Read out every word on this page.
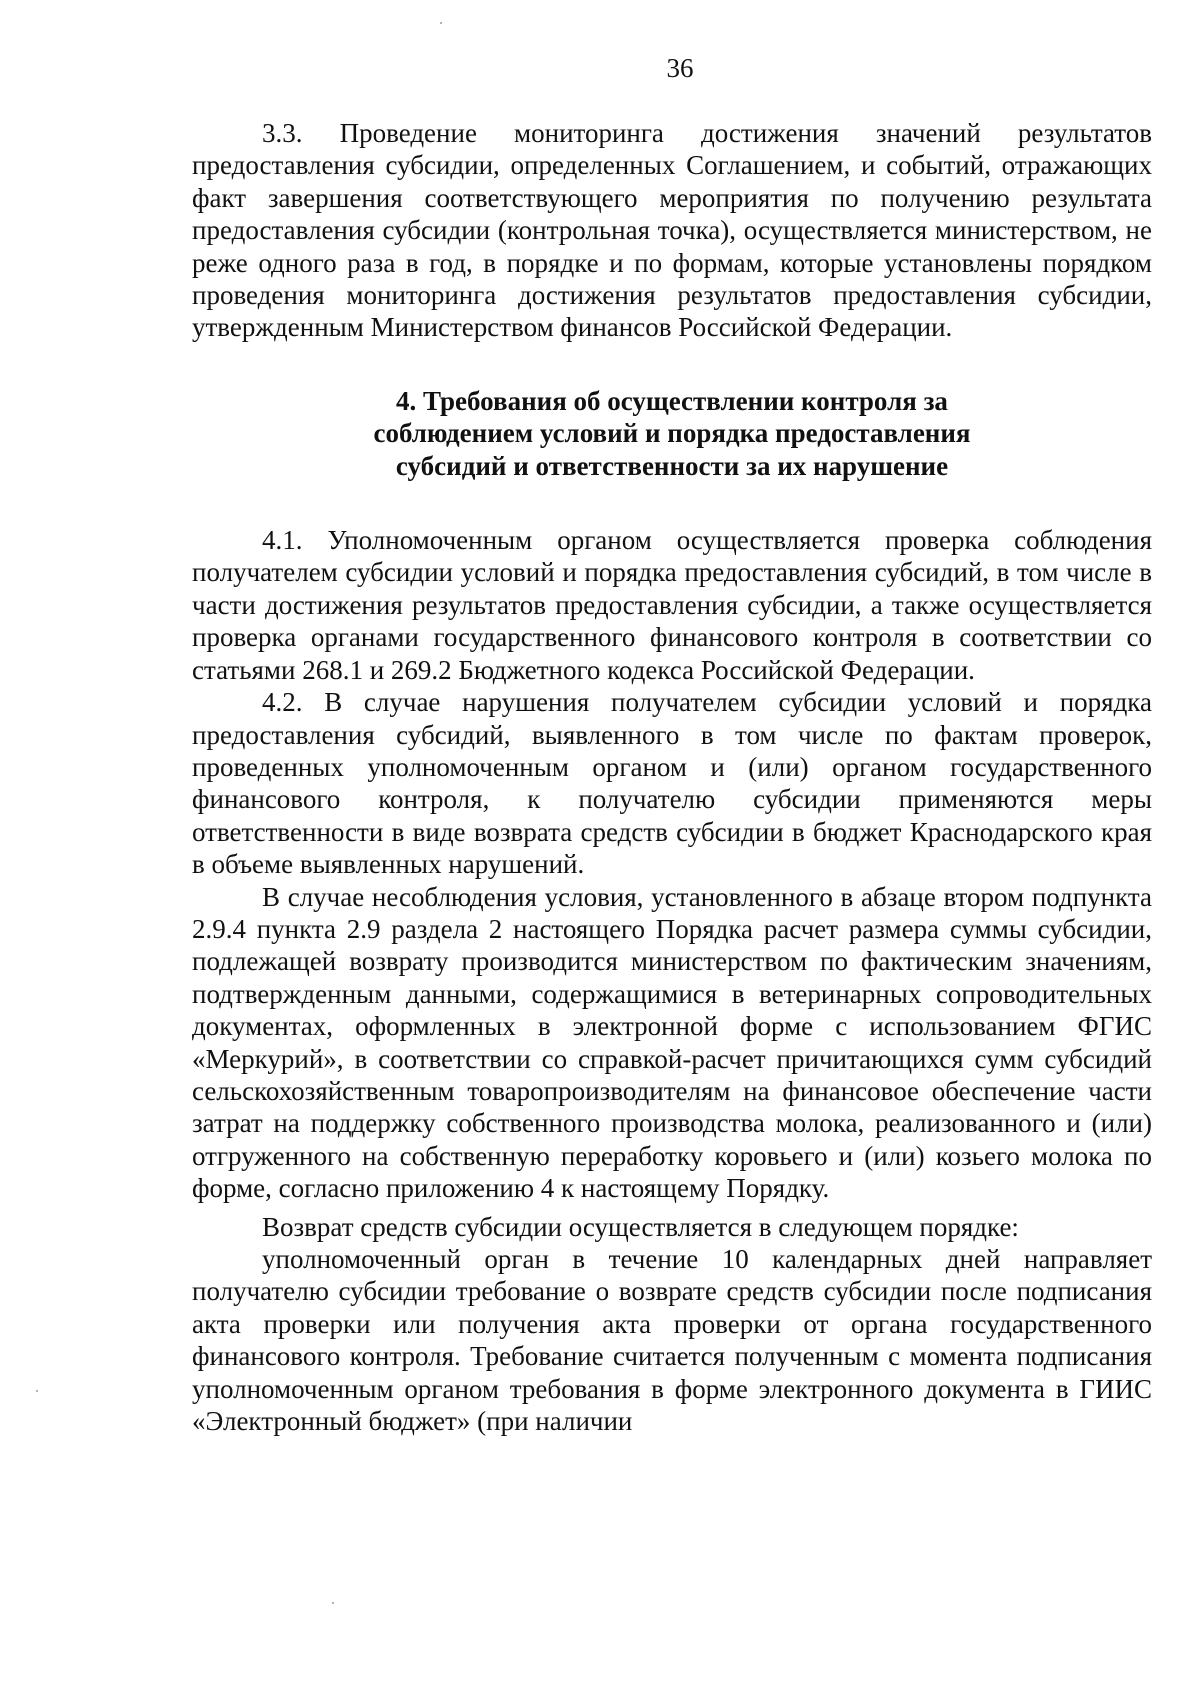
36

3.3. Проведение мониторинга достижения значений результатов предоставления субсидии, определенных Соглашением, и событий, отражающих факт завершения соответствующего мероприятия по получению результата предоставления субсидии (контрольная точка), осуществляется министерством, не реже одного раза в год, в порядке и по формам, которые установлены порядком проведения мониторинга достижения результатов предоставления субсидии, утвержденным Министерством финансов Российской Федерации.

4. Требования об осуществлении контроля за
соблюдением условий и порядка предоставления
субсидий и ответственности за их нарушение

4.1. Уполномоченным органом осуществляется проверка соблюдения получателем субсидии условий и порядка предоставления субсидий, в том числе в части достижения результатов предоставления субсидии, а также осуществляется проверка органами государственного финансового контроля в соответствии со статьями 268.1 и 269.2 Бюджетного кодекса Российской Федерации.

4.2. В случае нарушения получателем субсидии условий и порядка предоставления субсидий, выявленного в том числе по фактам проверок, проведенных уполномоченным органом и (или) органом государственного финансового контроля, к получателю субсидии применяются меры ответственности в виде возврата средств субсидии в бюджет Краснодарского края в объеме выявленных нарушений.

В случае несоблюдения условия, установленного в абзаце втором подпункта 2.9.4 пункта 2.9 раздела 2 настоящего Порядка расчет размера суммы субсидии, подлежащей возврату производится министерством по фактическим значениям, подтвержденным данными, содержащимися в ветеринарных сопроводительных документах, оформленных в электронной форме с использованием ФГИС «Меркурий», в соответствии со справкой-расчет причитающихся сумм субсидий сельскохозяйственным товаропроизводителям на финансовое обеспечение части затрат на поддержку собственного производства молока, реализованного и (или) отгруженного на собственную переработку коровьего и (или) козьего молока по форме, согласно приложению 4 к настоящему Порядку.

Возврат средств субсидии осуществляется в следующем порядке:

уполномоченный орган в течение 10 календарных дней направляет получателю субсидии требование о возврате средств субсидии после подписания акта проверки или получения акта проверки от органа государственного финансового контроля. Требование считается полученным с момента подписания уполномоченным органом требования в форме электронного документа в ГИИС «Электронный бюджет» (при наличии
